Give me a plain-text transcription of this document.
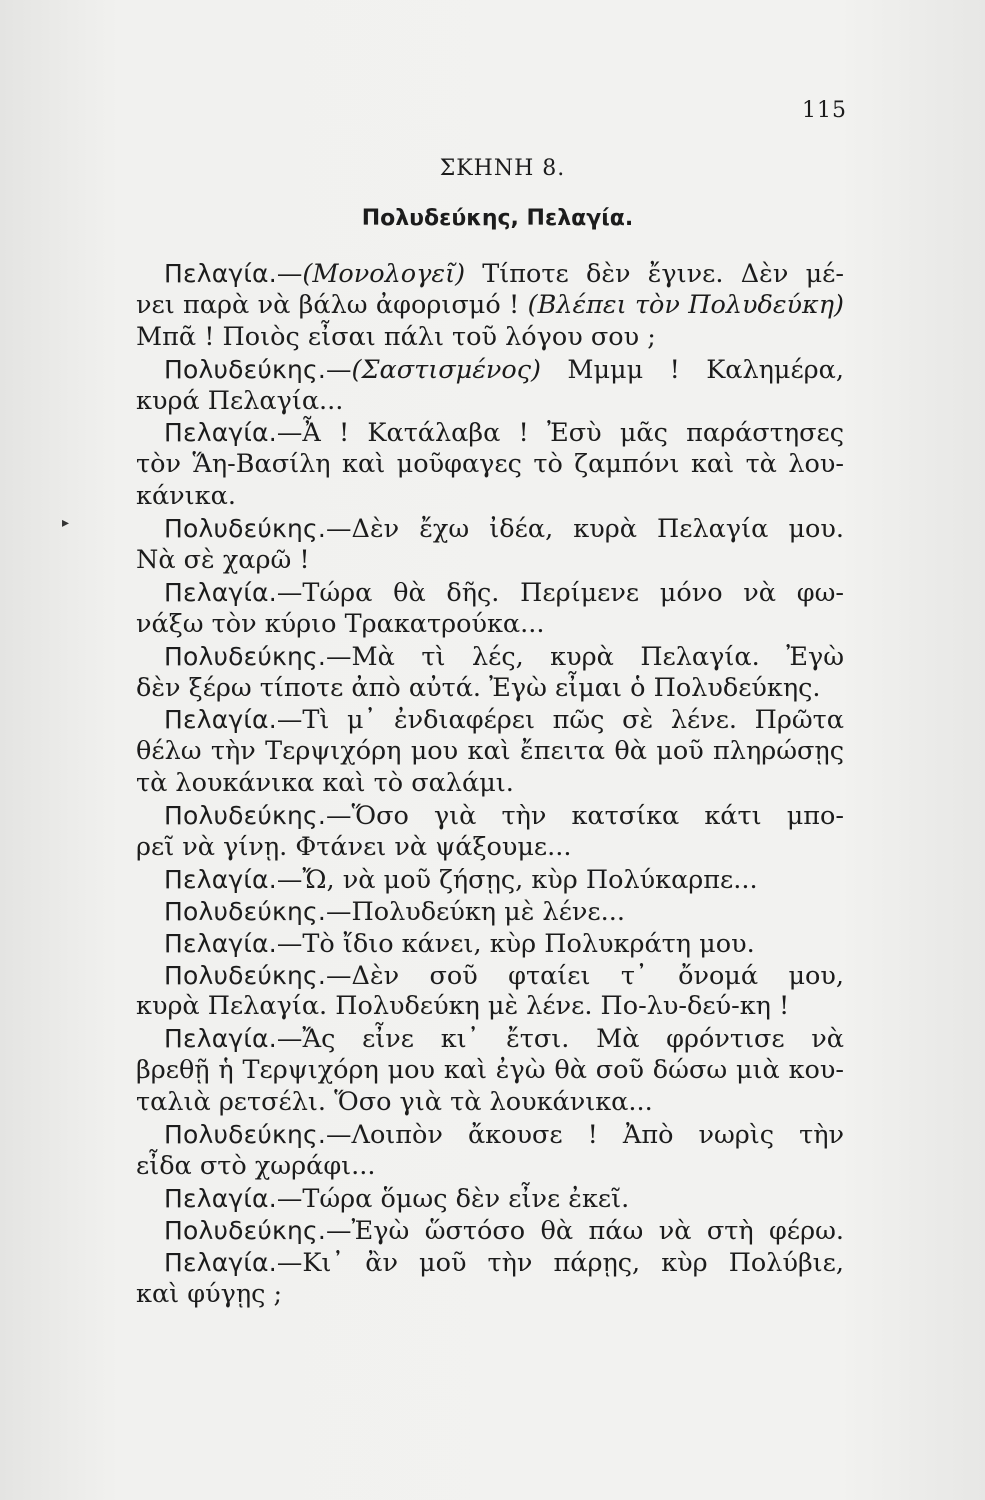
115
ΣΚΗΝΗ 8.
Πολυδεύκης, Πελαγία.
▸
Πελαγία.—(Μονολογεῖ) Τίποτε δὲν ἔγινε. Δὲν μέ-
νει παρὰ νὰ βάλω ἀφορισμό ! (Βλέπει τὸν Πολυδεύκη)
Μπᾶ ! Ποιὸς εἶσαι πάλι τοῦ λόγου σου ;
Πολυδεύκης.—(Σαστισμένος) Μμμμ ! Καλημέρα,
κυρά Πελαγία...
Πελαγία.—Ἆ ! Κατάλαβα ! Ἐσὺ μᾶς παράστησες
τὸν Ἅη-Βασίλη καὶ μοῦφαγες τὸ ζαμπόνι καὶ τὰ λου-
κάνικα.
Πολυδεύκης.—Δὲν ἔχω ἰδέα, κυρὰ Πελαγία μου.
Νὰ σὲ χαρῶ !
Πελαγία.—Τώρα θὰ δῆς. Περίμενε μόνο νὰ φω-
νάξω τὸν κύριο Τρακατρούκα...
Πολυδεύκης.—Μὰ τὶ λές, κυρὰ Πελαγία. Ἐγὼ
δὲν ξέρω τίποτε ἀπὸ αὐτά. Ἐγὼ εἶμαι ὁ Πολυδεύκης.
Πελαγία.—Τὶ μ᾿ ἐνδιαφέρει πῶς σὲ λένε. Πρῶτα
θέλω τὴν Τερψιχόρη μου καὶ ἔπειτα θὰ μοῦ πληρώσῃς
τὰ λουκάνικα καὶ τὸ σαλάμι.
Πολυδεύκης.—Ὅσο γιὰ τὴν κατσίκα κάτι μπο-
ρεῖ νὰ γίνῃ. Φτάνει νὰ ψάξουμε...
Πελαγία.—Ὤ, νὰ μοῦ ζήσῃς, κὺρ Πολύκαρπε...
Πολυδεύκης.—Πολυδεύκη μὲ λένε...
Πελαγία.—Τὸ ἴδιο κάνει, κὺρ Πολυκράτη μου.
Πολυδεύκης.—Δὲν σοῦ φταίει τ᾿ ὄνομά μου,
κυρὰ Πελαγία. Πολυδεύκη μὲ λένε. Πο-λυ-δεύ-κη !
Πελαγία.—Ἄς εἶνε κι᾿ ἔτσι. Μὰ φρόντισε νὰ
βρεθῇ ἡ Τερψιχόρη μου καὶ ἐγὼ θὰ σοῦ δώσω μιὰ κου-
ταλιὰ ρετσέλι. Ὅσο γιὰ τὰ λουκάνικα...
Πολυδεύκης.—Λοιπὸν ἄκουσε ! Ἀπὸ νωρὶς τὴν
εἶδα στὸ χωράφι...
Πελαγία.—Τώρα ὅμως δὲν εἶνε ἐκεῖ.
Πολυδεύκης.—Ἐγὼ ὥστόσο θὰ πάω νὰ στὴ φέρω.
Πελαγία.—Κι᾿ ἂν μοῦ τὴν πάρῃς, κὺρ Πολύβιε,
καὶ φύγῃς ;
